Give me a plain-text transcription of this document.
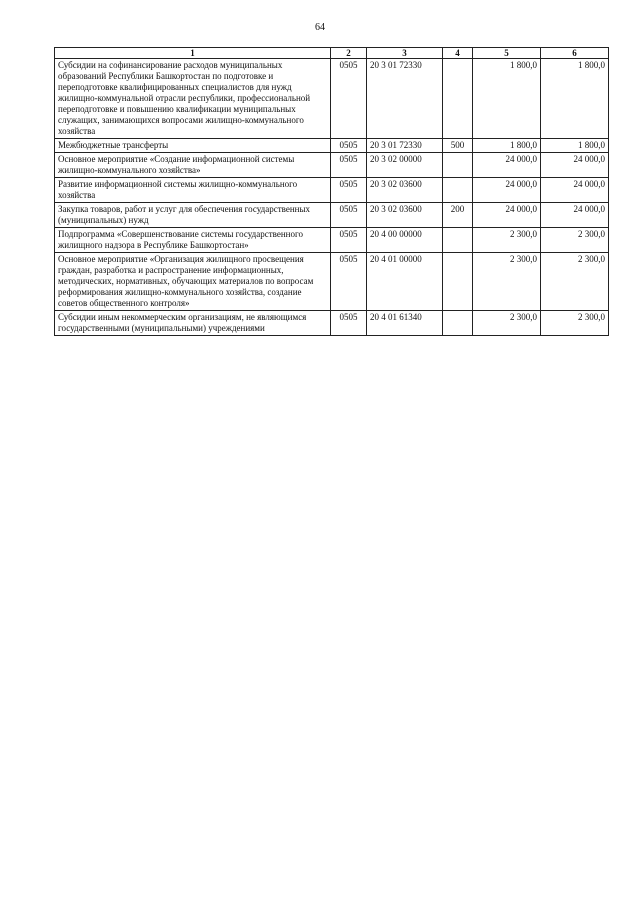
64
1	2	3	4	5	6
Субсидии на софинансирование расходов муниципальных образований Республики Башкортостан по подготовке и переподготовке квалифицированных специалистов для нужд жилищно-коммунальной отрасли республики, профессиональной переподготовке и повышению квалификации муниципальных служащих, занимающихся вопросами жилищно-коммунального хозяйства	0505	20 3 01 72330		1 800,0	1 800,0
Межбюджетные трансферты	0505	20 3 01 72330	500	1 800,0	1 800,0
Основное мероприятие «Создание информационной системы жилищно-коммунального хозяйства»	0505	20 3 02 00000		24 000,0	24 000,0
Развитие информационной системы жилищно-коммунального хозяйства	0505	20 3 02 03600		24 000,0	24 000,0
Закупка товаров, работ и услуг для обеспечения государственных (муниципальных) нужд	0505	20 3 02 03600	200	24 000,0	24 000,0
Подпрограмма «Совершенствование системы государственного жилищного надзора в Республике Башкортостан»	0505	20 4 00 00000		2 300,0	2 300,0
Основное мероприятие «Организация жилищного просвещения граждан, разработка и распространение информационных, методических, нормативных, обучающих материалов по вопросам реформирования жилищно-коммунального хозяйства, создание советов общественного контроля»	0505	20 4 01 00000		2 300,0	2 300,0
Субсидии иным некоммерческим организациям, не являющимся государственными (муниципальными) учреждениями	0505	20 4 01 61340		2 300,0	2 300,0
